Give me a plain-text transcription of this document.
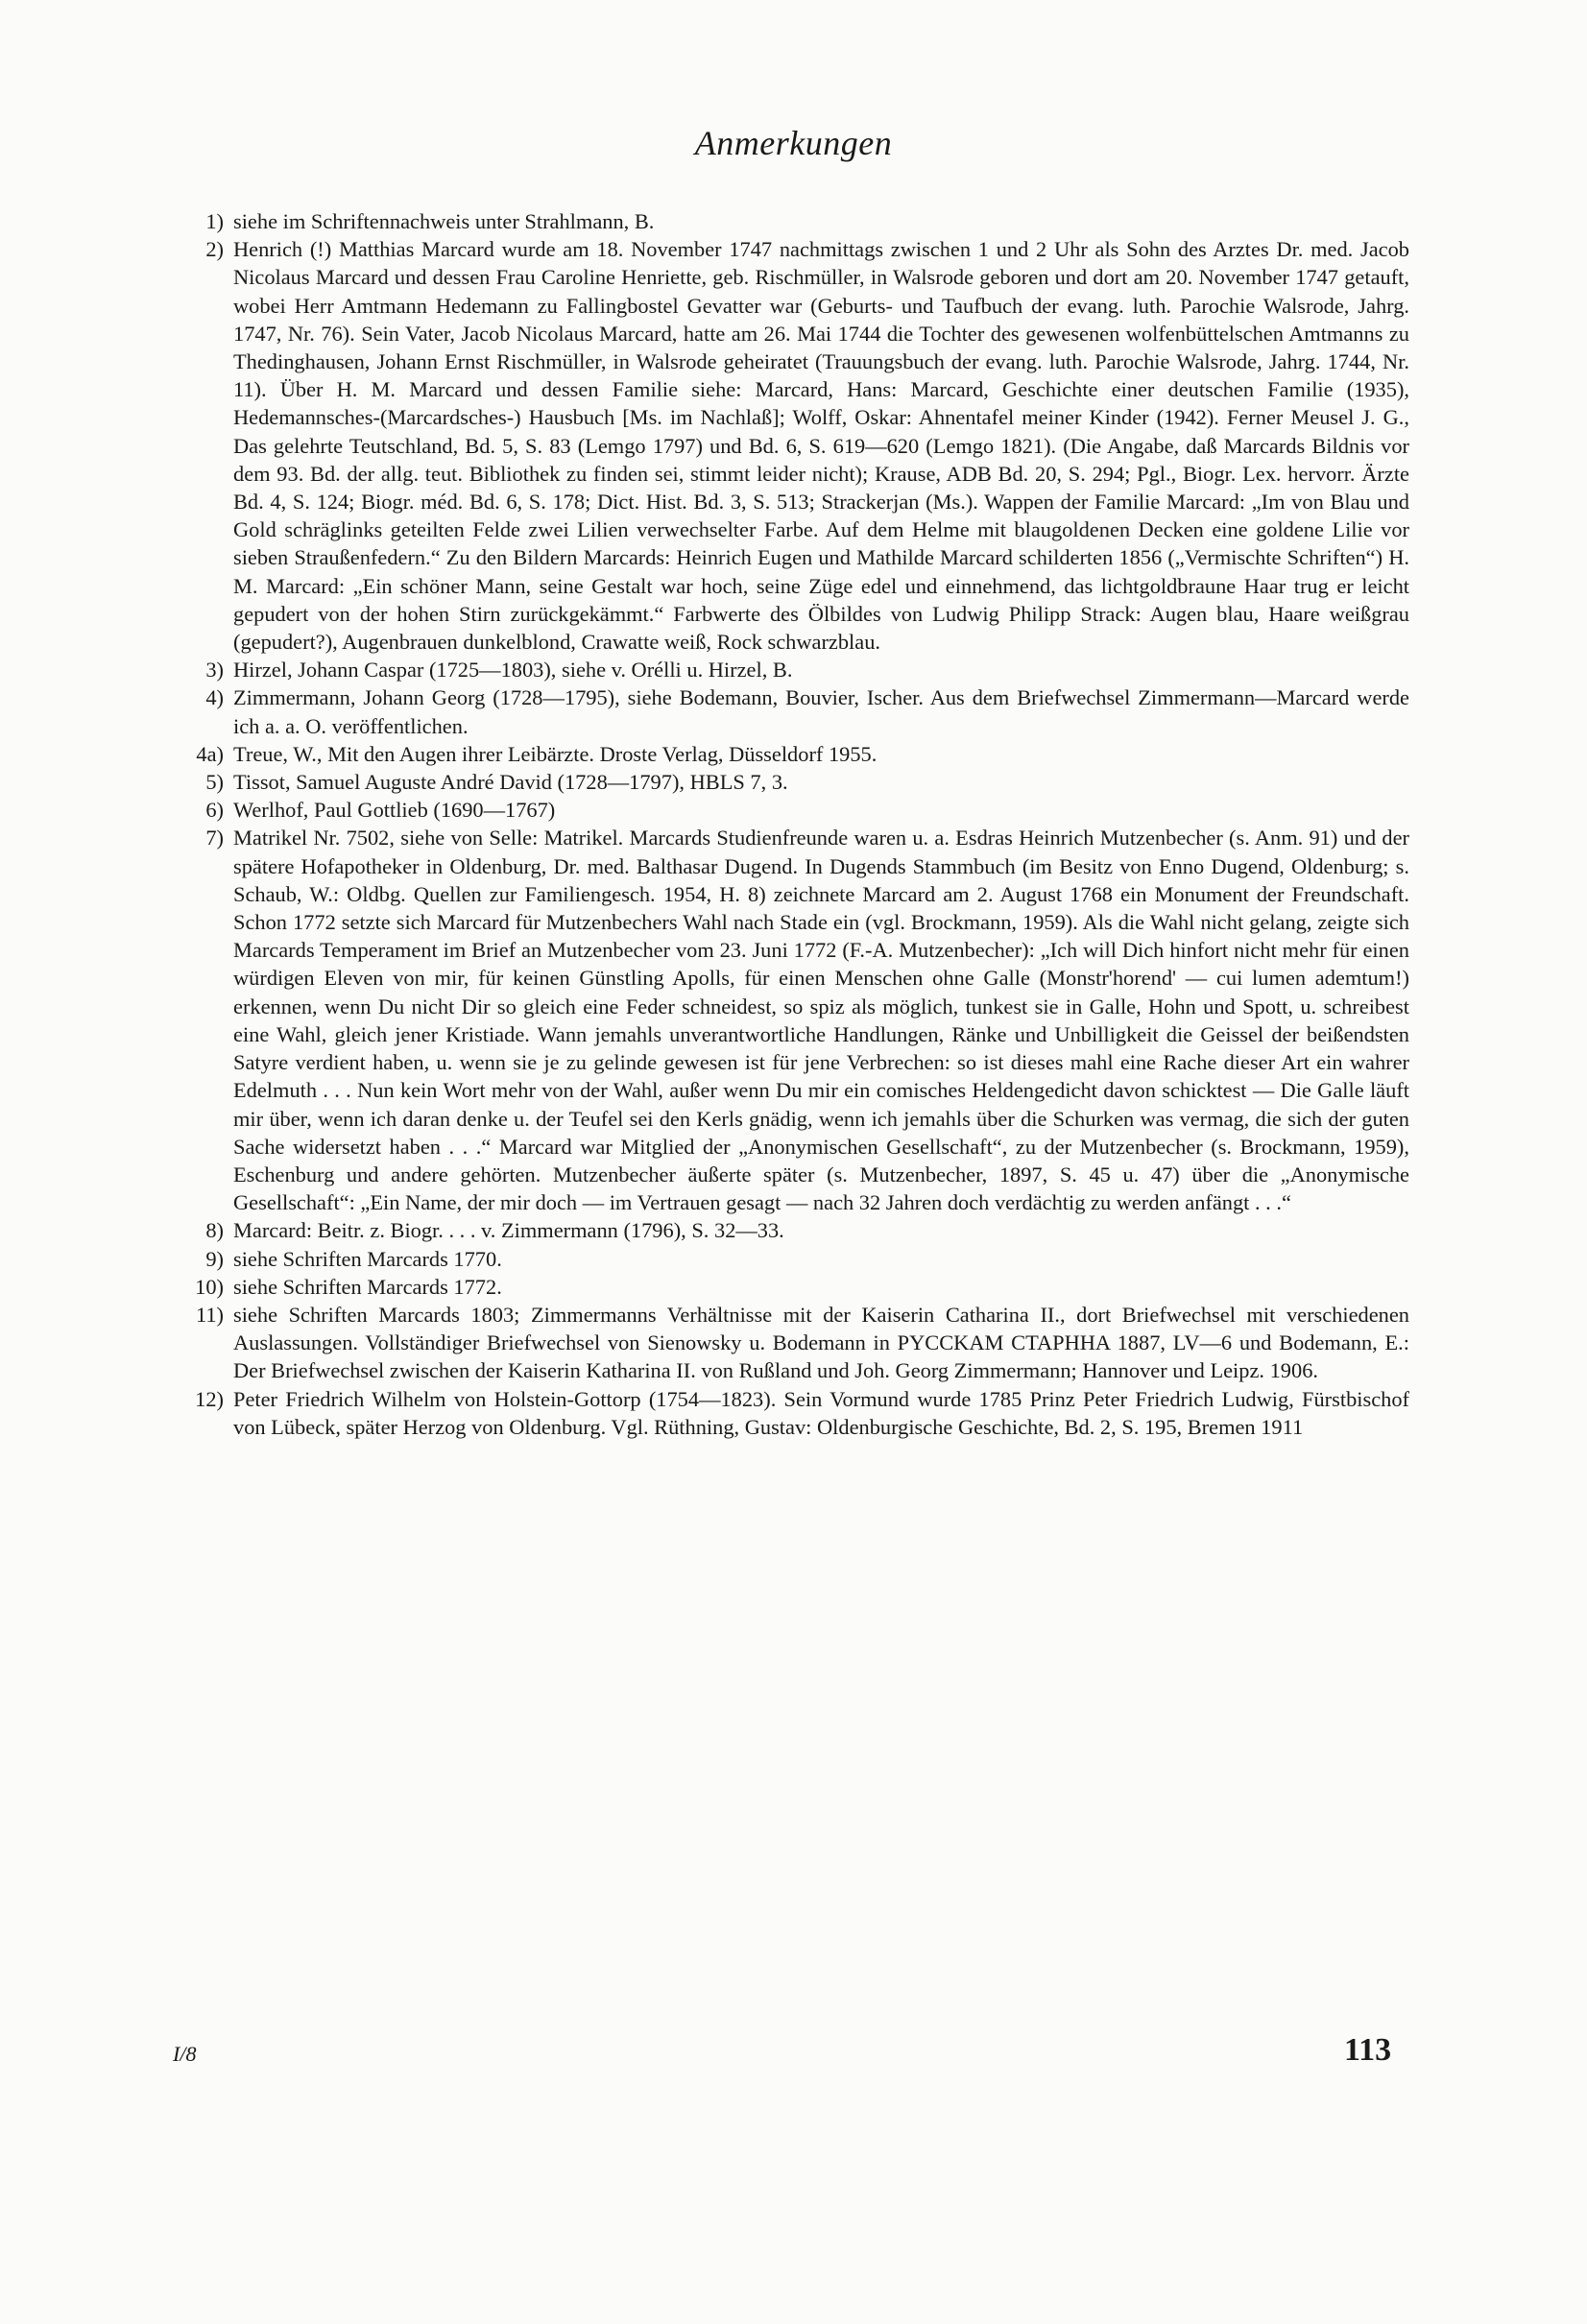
Anmerkungen
1) siehe im Schriftennachweis unter Strahlmann, B.
2) Henrich (!) Matthias Marcard wurde am 18. November 1747 nachmittags zwischen 1 und 2 Uhr als Sohn des Arztes Dr. med. Jacob Nicolaus Marcard und dessen Frau Caroline Henriette, geb. Rischmüller, in Walsrode geboren und dort am 20. November 1747 getauft, wobei Herr Amtmann Hedemann zu Fallingbostel Gevatter war (Geburts- und Taufbuch der evang. luth. Parochie Walsrode, Jahrg. 1747, Nr. 76). Sein Vater, Jacob Nicolaus Marcard, hatte am 26. Mai 1744 die Tochter des gewesenen wolfenbüttelschen Amtmanns zu Thedinghausen, Johann Ernst Rischmüller, in Walsrode geheiratet (Trauungsbuch der evang. luth. Parochie Walsrode, Jahrg. 1744, Nr. 11). Über H. M. Marcard und dessen Familie siehe: Marcard, Hans: Marcard, Geschichte einer deutschen Familie (1935), Hedemannsches-(Marcardsches-) Hausbuch [Ms. im Nachlaß]; Wolff, Oskar: Ahnentafel meiner Kinder (1942). Ferner Meusel J. G., Das gelehrte Teutschland, Bd. 5, S. 83 (Lemgo 1797) und Bd. 6, S. 619—620 (Lemgo 1821). (Die Angabe, daß Marcards Bildnis vor dem 93. Bd. der allg. teut. Bibliothek zu finden sei, stimmt leider nicht); Krause, ADB Bd. 20, S. 294; Pgl., Biogr. Lex. hervorr. Ärzte Bd. 4, S. 124; Biogr. méd. Bd. 6, S. 178; Dict. Hist. Bd. 3, S. 513; Strackerjan (Ms.). Wappen der Familie Marcard: „Im von Blau und Gold schräglinks geteilten Felde zwei Lilien verwechselter Farbe. Auf dem Helme mit blaugoldenen Decken eine goldene Lilie vor sieben Straußenfedern.“ Zu den Bildern Marcards: Heinrich Eugen und Mathilde Marcard schilderten 1856 („Vermischte Schriften“) H. M. Marcard: „Ein schöner Mann, seine Gestalt war hoch, seine Züge edel und einnehmend, das lichtgoldbraune Haar trug er leicht gepudert von der hohen Stirn zurückgekämmt.“ Farbwerte des Ölbildes von Ludwig Philipp Strack: Augen blau, Haare weißgrau (gepudert?), Augenbrauen dunkelblond, Crawatte weiß, Rock schwarzblau.
3) Hirzel, Johann Caspar (1725—1803), siehe v. Orélli u. Hirzel, B.
4) Zimmermann, Johann Georg (1728—1795), siehe Bodemann, Bouvier, Ischer. Aus dem Briefwechsel Zimmermann—Marcard werde ich a. a. O. veröffentlichen.
4a) Treue, W., Mit den Augen ihrer Leibärzte. Droste Verlag, Düsseldorf 1955.
5) Tissot, Samuel Auguste André David (1728—1797), HBLS 7, 3.
6) Werlhof, Paul Gottlieb (1690—1767)
7) Matrikel Nr. 7502, siehe von Selle: Matrikel. Marcards Studienfreunde waren u. a. Esdras Heinrich Mutzenbecher (s. Anm. 91) und der spätere Hofapotheker in Oldenburg, Dr. med. Balthasar Dugend. In Dugends Stammbuch (im Besitz von Enno Dugend, Oldenburg; s. Schaub, W.: Oldbg. Quellen zur Familiengesch. 1954, H. 8) zeichnete Marcard am 2. August 1768 ein Monument der Freundschaft. Schon 1772 setzte sich Marcard für Mutzenbechers Wahl nach Stade ein (vgl. Brockmann, 1959). Als die Wahl nicht gelang, zeigte sich Marcards Temperament im Brief an Mutzenbecher vom 23. Juni 1772 (F.-A. Mutzenbecher): „Ich will Dich hinfort nicht mehr für einen würdigen Eleven von mir, für keinen Günstling Apolls, für einen Menschen ohne Galle (Monstr'horend' — cui lumen ademtum!) erkennen, wenn Du nicht Dir so gleich eine Feder schneidest, so spiz als möglich, tunkest sie in Galle, Hohn und Spott, u. schreibest eine Wahl, gleich jener Kristiade. Wann jemahls unverantwortliche Handlungen, Ränke und Unbilligkeit die Geissel der beißendsten Satyre verdient haben, u. wenn sie je zu gelinde gewesen ist für jene Verbrechen: so ist dieses mahl eine Rache dieser Art ein wahrer Edelmuth . . . Nun kein Wort mehr von der Wahl, außer wenn Du mir ein comisches Heldengedicht davon schicktest — Die Galle läuft mir über, wenn ich daran denke u. der Teufel sei den Kerls gnädig, wenn ich jemahls über die Schurken was vermag, die sich der guten Sache widersetzt haben . . .“ Marcard war Mitglied der „Anonymischen Gesellschaft“, zu der Mutzenbecher (s. Brockmann, 1959), Eschenburg und andere gehörten. Mutzenbecher äußerte später (s. Mutzenbecher, 1897, S. 45 u. 47) über die „Anonymische Gesellschaft“: „Ein Name, der mir doch — im Vertrauen gesagt — nach 32 Jahren doch verdächtig zu werden anfängt . . .“
8) Marcard: Beitr. z. Biogr. . . . v. Zimmermann (1796), S. 32—33.
9) siehe Schriften Marcards 1770.
10) siehe Schriften Marcards 1772.
11) siehe Schriften Marcards 1803; Zimmermanns Verhältnisse mit der Kaiserin Catharina II., dort Briefwechsel mit verschiedenen Auslassungen. Vollständiger Briefwechsel von Sienowsky u. Bodemann in PYCCKAM CTAPHHA 1887, LV—6 und Bodemann, E.: Der Briefwechsel zwischen der Kaiserin Katharina II. von Rußland und Joh. Georg Zimmermann; Hannover und Leipz. 1906.
12) Peter Friedrich Wilhelm von Holstein-Gottorp (1754—1823). Sein Vormund wurde 1785 Prinz Peter Friedrich Ludwig, Fürstbischof von Lübeck, später Herzog von Oldenburg. Vgl. Rüthning, Gustav: Oldenburgische Geschichte, Bd. 2, S. 195, Bremen 1911
I/8	113
